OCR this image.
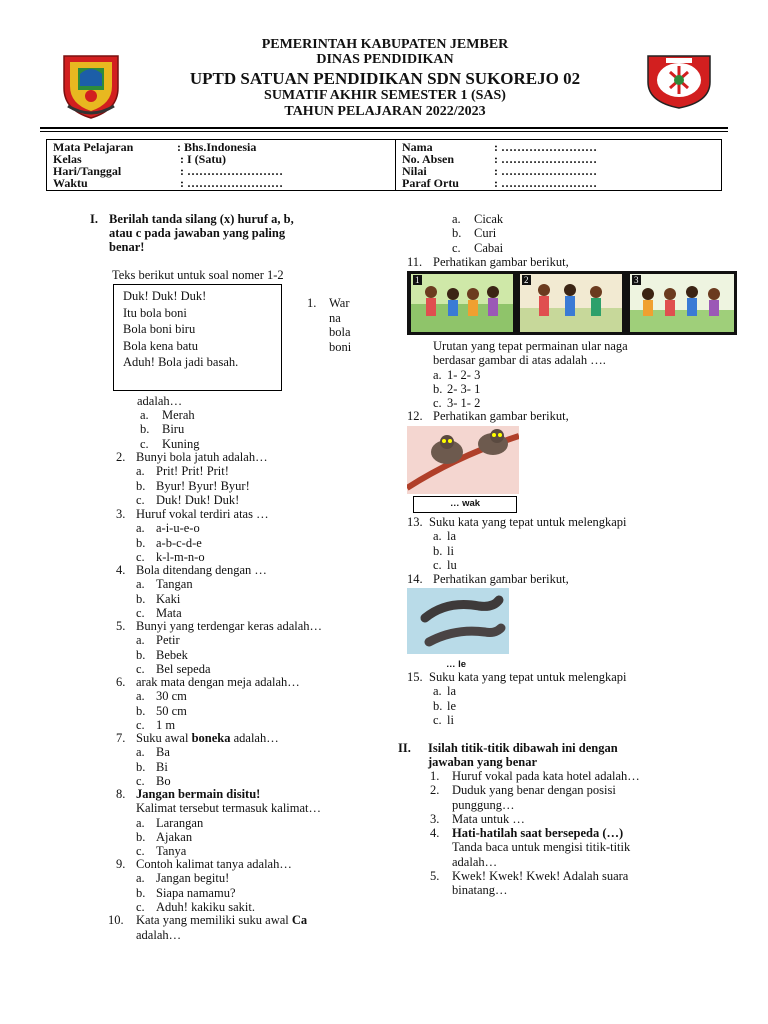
PEMERINTAH KABUPATEN JEMBER
DINAS PENDIDIKAN
UPTD SATUAN PENDIDIKAN SDN SUKOREJO 02
SUMATIF AKHIR SEMESTER 1 (SAS)
TAHUN PELAJARAN 2022/2023
Mata Pelajaran	: Bhs.Indonesia
Kelas	: I (Satu)
Hari/Tanggal	: ……………………
Waktu	: ……………………

Nama	: ……………………
No. Absen	: ……………………
Nilai	: ……………………
Paraf Ortu	: ……………………
I. Berilah tanda silang (x) huruf a, b,
atau c pada jawaban yang paling
benar!
Teks berikut untuk soal nomer 1-2
Duk! Duk! Duk!
Itu bola boni
Bola boni biru
Bola kena batu
Aduh! Bola jadi basah.
1. War
na
bola
boni
adalah…
a. Merah
b. Biru
c. Kuning
2. Bunyi bola jatuh adalah…
a. Prit! Prit! Prit!
b. Byur! Byur! Byur!
c. Duk! Duk! Duk!
3. Huruf vokal terdiri atas …
a. a-i-u-e-o
b. a-b-c-d-e
c. k-l-m-n-o
4. Bola ditendang dengan …
a. Tangan
b. Kaki
c. Mata
5. Bunyi yang terdengar keras adalah…
a. Petir
b. Bebek
c. Bel sepeda
6. arak mata dengan meja adalah…
a. 30 cm
b. 50 cm
c. 1 m
7. Suku awal boneka adalah…
a. Ba
b. Bi
c. Bo
8. Jangan bermain disitu!
Kalimat tersebut termasuk kalimat…
a. Larangan
b. Ajakan
c. Tanya
9. Contoh kalimat tanya adalah…
a. Jangan begitu!
b. Siapa namamu?
c. Aduh! kakiku sakit.
10. Kata yang memiliki suku awal Ca
adalah…
a. Cicak
b. Curi
c. Cabai
11. Perhatikan gambar berikut,
1	2	3
Urutan yang tepat permainan ular naga
berdasar gambar di atas adalah ….
a. 1- 2- 3
b. 2- 3- 1
c. 3- 1- 2
12. Perhatikan gambar berikut,
… wak
13. Suku kata yang tepat untuk melengkapi
a. la
b. li
c. lu
14. Perhatikan gambar berikut,
… le
15. Suku kata yang tepat untuk melengkapi
a. la
b. le
c. li
II. Isilah titik-titik dibawah ini dengan
jawaban yang benar
1.	Huruf vokal pada kata hotel adalah…
2.	Duduk yang benar dengan posisi
punggung…
3.	Mata untuk …
4.	Hati-hatilah saat bersepeda (…)
Tanda baca untuk mengisi titik-titik
adalah…
5.	Kwek! Kwek! Kwek! Adalah suara
binatang…
